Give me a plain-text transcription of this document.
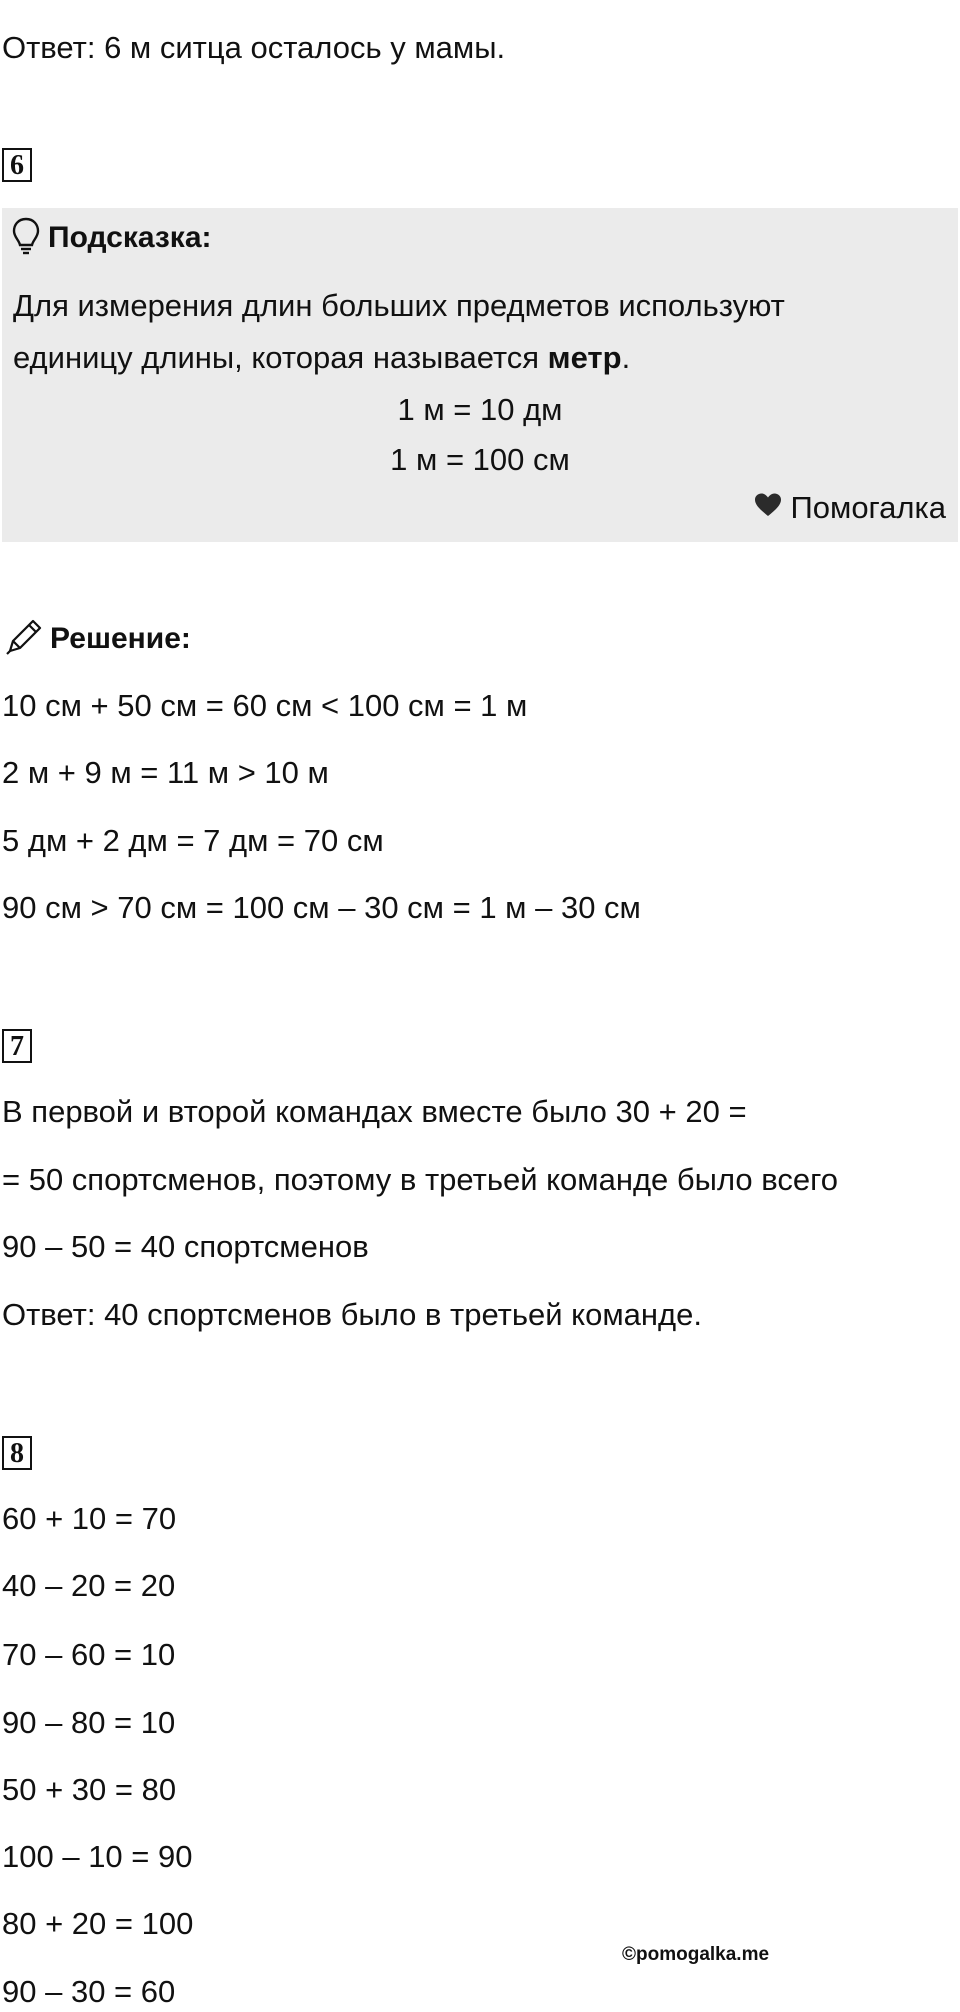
Ответ: 6 м ситца осталось у мамы.
6
Подсказка:
Для измерения длин больших предметов используют
единицу длины, которая называется метр.
1 м = 10 дм
1 м = 100 см
Помогалка
Решение:
10 см + 50 см = 60 см < 100 см = 1 м
2 м + 9 м = 11 м > 10 м
5 дм + 2 дм = 7 дм = 70 см
90 см > 70 см = 100 см – 30 см = 1 м – 30 см
7
В первой и второй командах вместе было 30 + 20 =
= 50 спортсменов, поэтому в третьей команде было всего
90 – 50 = 40 спортсменов
Ответ: 40 спортсменов было в третьей команде.
8
60 + 10 = 70
40 – 20 = 20
70 – 60 = 10
90 – 80 = 10
50 + 30 = 80
100 – 10 = 90
80 + 20 = 100
90 – 30 = 60
©pomogalka.me
